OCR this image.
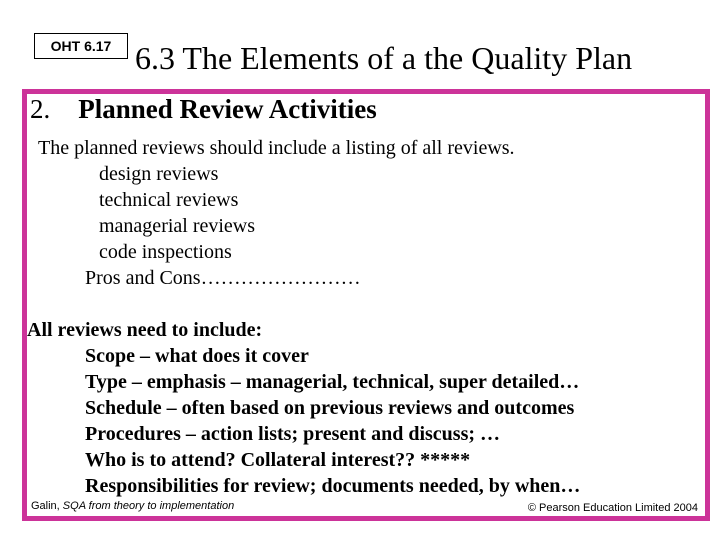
OHT 6.17 6.3 The Elements of a the Quality Plan
2. Planned Review Activities
The planned reviews should include a listing of all reviews.
design reviews
technical reviews
managerial reviews
code inspections
Pros and Cons……………………
All reviews need to include:
Scope – what does it cover
Type – emphasis – managerial, technical, super detailed…
Schedule – often based on previous reviews and outcomes
Procedures – action lists; present and discuss; …
Who is to attend? Collateral interest?? *****
Responsibilities for review; documents needed, by when…
Galin, SQA from theory to implementation	© Pearson Education Limited 2004
